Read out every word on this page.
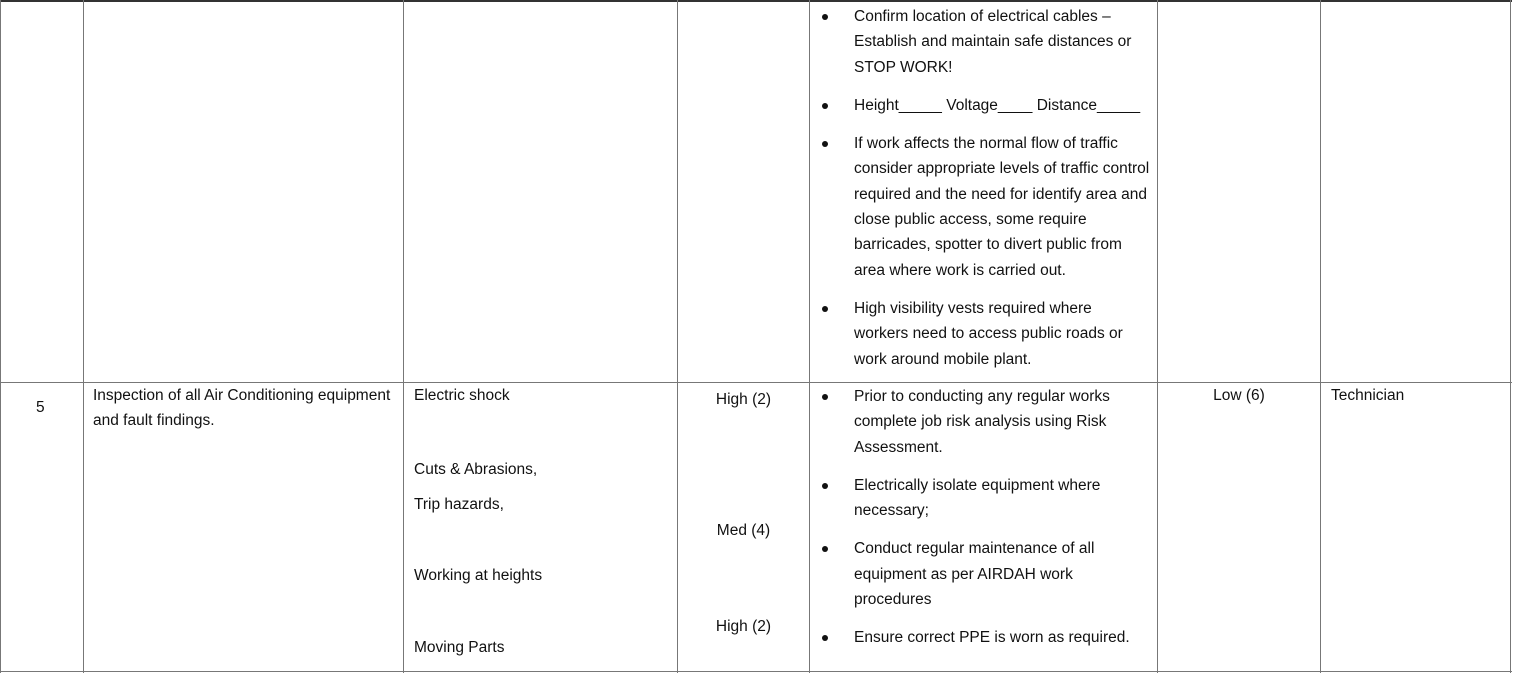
Confirm location of electrical cables – Establish and maintain safe distances or STOP WORK!
Height_____ Voltage____ Distance_____
If work affects the normal flow of traffic consider appropriate levels of traffic control required and the need for identify area and close public access, some require barricades, spotter to divert public from area where work is carried out.
High visibility vests required where workers need to access public roads or work around mobile plant.
5
Inspection of all Air Conditioning equipment and fault findings.
Electric shock
Cuts & Abrasions,
Trip hazards,
Working at heights
Moving Parts
High (2)
Med (4)
High (2)
Prior to conducting any regular works complete job risk analysis using Risk Assessment.
Electrically isolate equipment where necessary;
Conduct regular maintenance of all equipment as per AIRDAH work procedures
Ensure correct PPE is worn as required.
Low (6)	Technician
